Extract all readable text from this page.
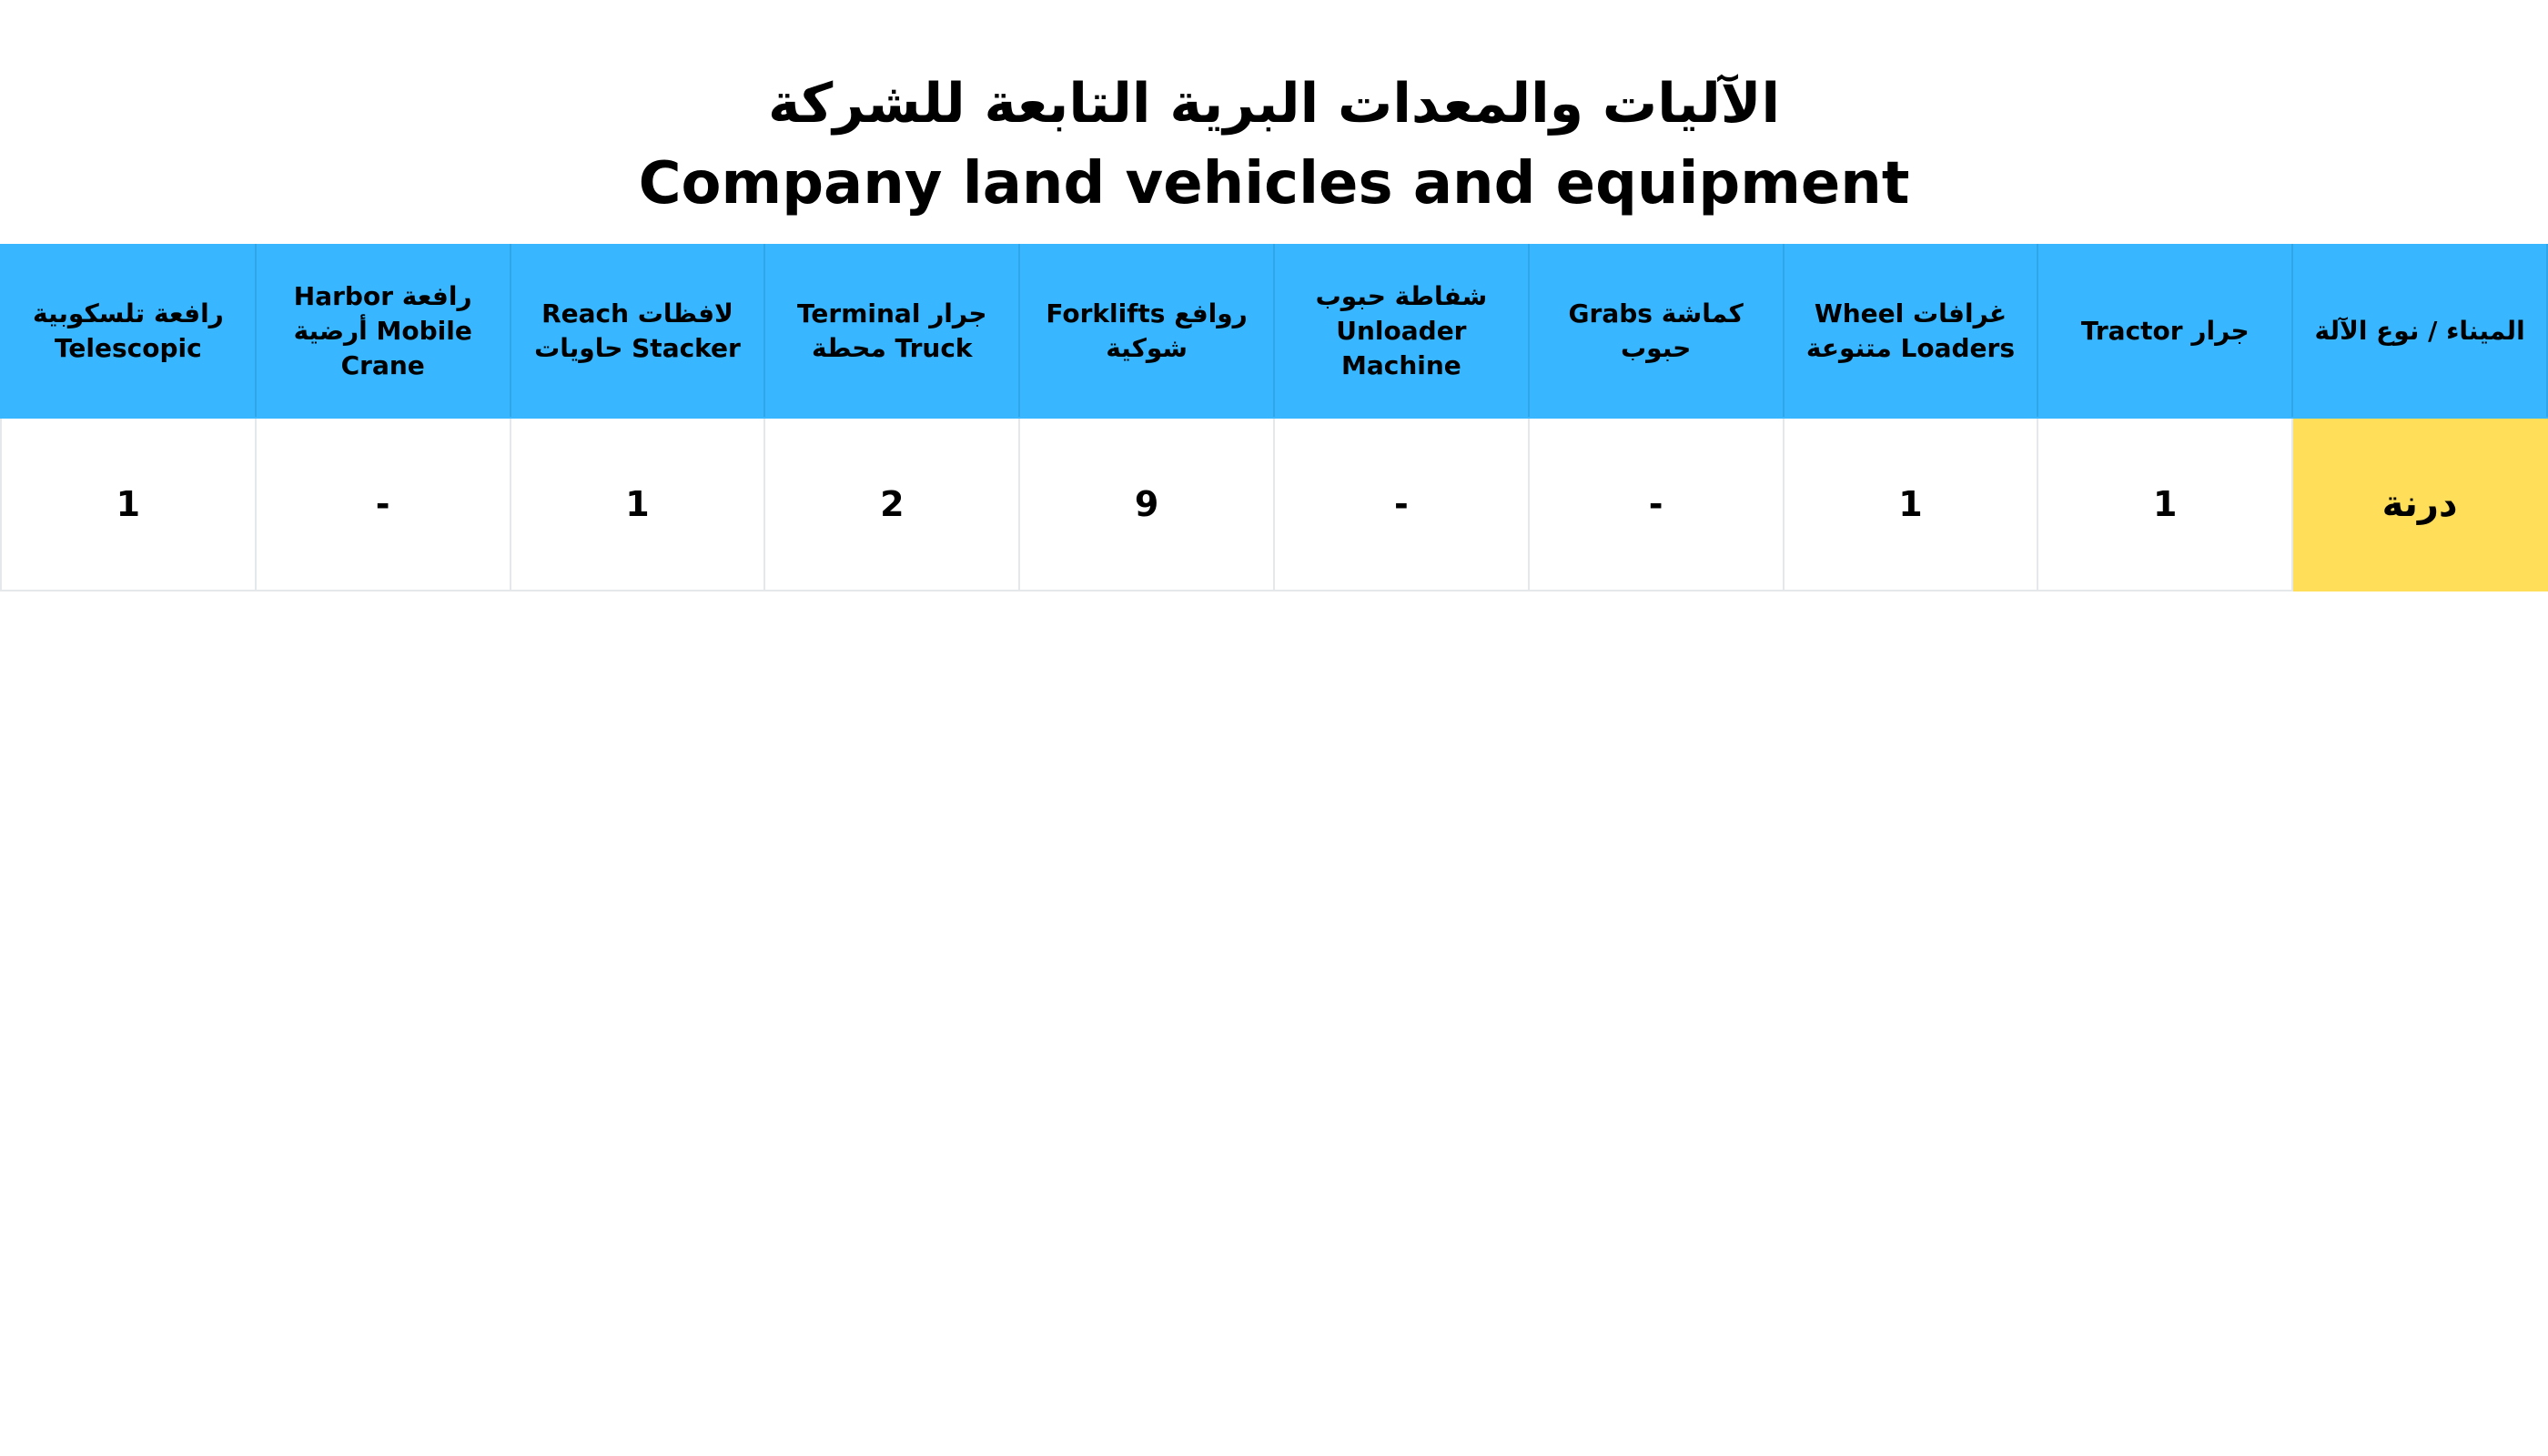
الآليات والمعدات البرية التابعة للشركة
Company land vehicles and equipment
رافعة تلسكوبية Telescopic	Harbor رافعة أرضية Mobile Crane	Reach لافظات حاويات Stacker	Terminal جرار محطة Truck	Forklifts روافع شوكية	شفاطة حبوب Unloader Machine	Grabs كماشة حبوب	Wheel غرافات متنوعة Loaders	Tractor جرار	الميناء / نوع الآلة
1	-	1	2	9	-	-	1	1	درنة
